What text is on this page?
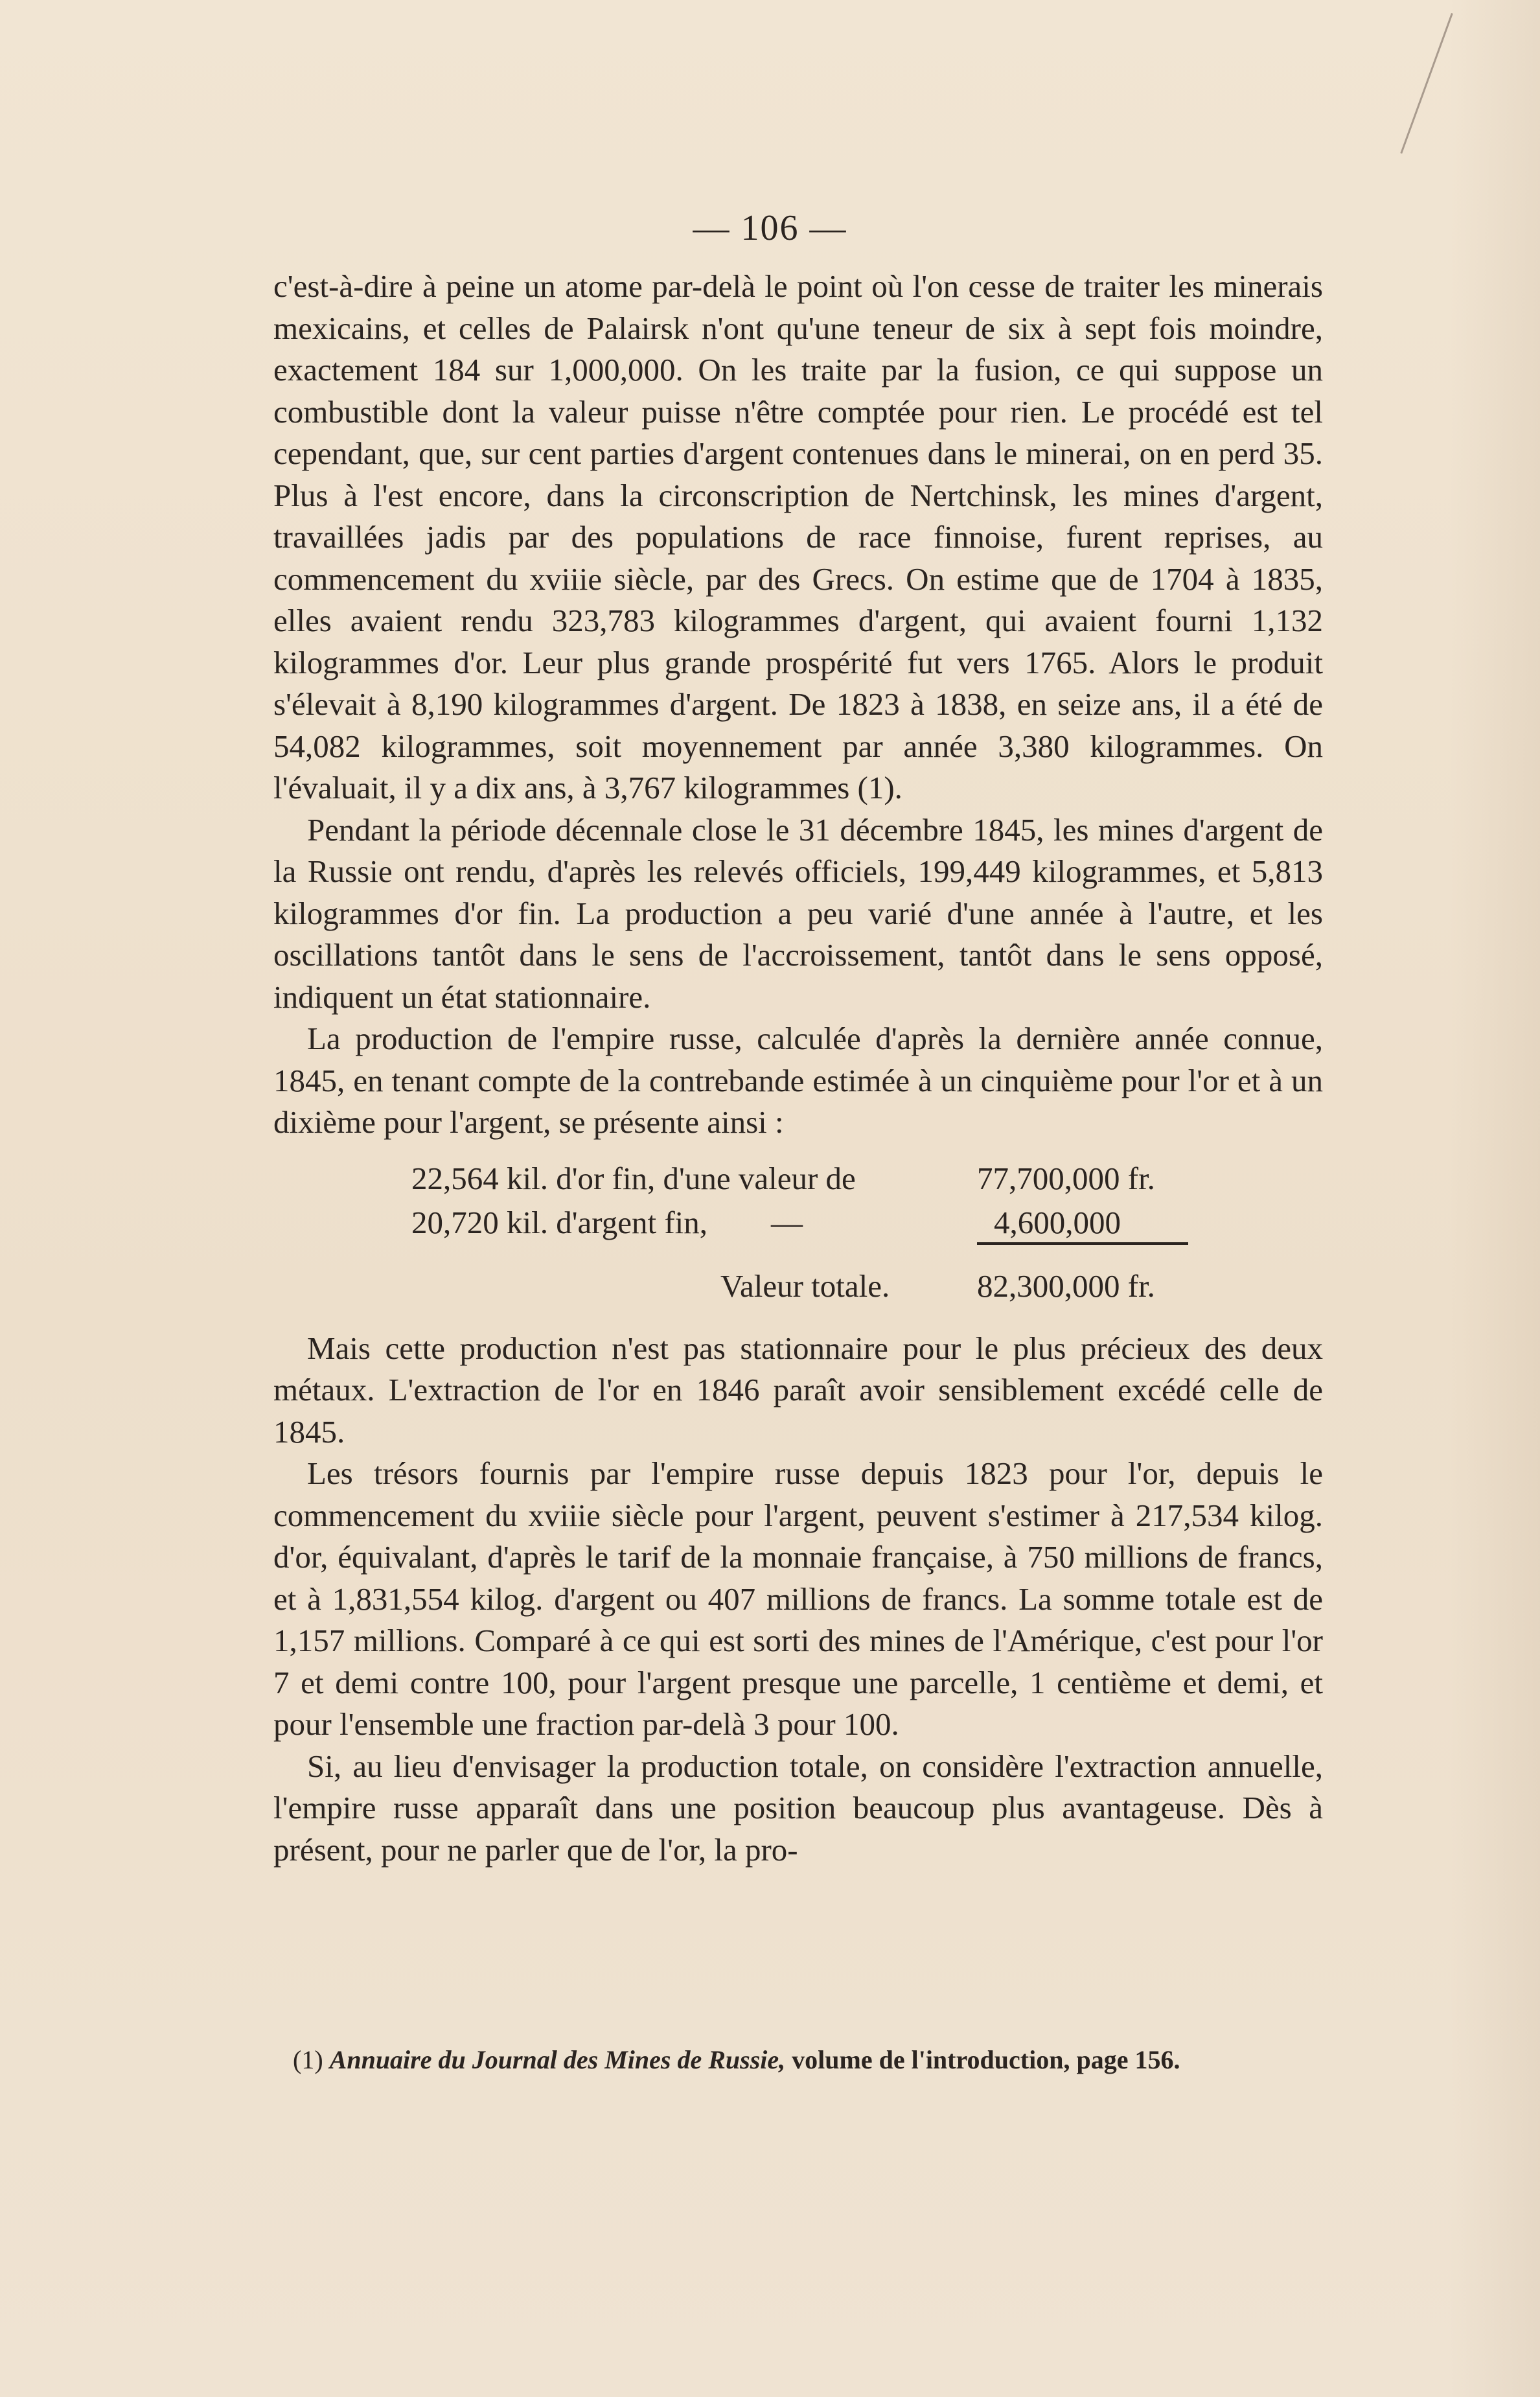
— 106 —

c'est-à-dire à peine un atome par-delà le point où l'on cesse de traiter les minerais mexicains, et celles de Palairsk n'ont qu'une teneur de six à sept fois moindre, exactement 184 sur 1,000,000. On les traite par la fusion, ce qui suppose un combustible dont la valeur puisse n'être comptée pour rien. Le procédé est tel cependant, que, sur cent parties d'argent contenues dans le minerai, on en perd 35. Plus à l'est encore, dans la circonscription de Nertchinsk, les mines d'argent, travaillées jadis par des populations de race finnoise, furent reprises, au commencement du xviiie siècle, par des Grecs. On estime que de 1704 à 1835, elles avaient rendu 323,783 kilogrammes d'argent, qui avaient fourni 1,132 kilogrammes d'or. Leur plus grande prospérité fut vers 1765. Alors le produit s'élevait à 8,190 kilogrammes d'argent. De 1823 à 1838, en seize ans, il a été de 54,082 kilogrammes, soit moyennement par année 3,380 kilogrammes. On l'évaluait, il y a dix ans, à 3,767 kilogrammes (1).

Pendant la période décennale close le 31 décembre 1845, les mines d'argent de la Russie ont rendu, d'après les relevés officiels, 199,449 kilogrammes, et 5,813 kilogrammes d'or fin. La production a peu varié d'une année à l'autre, et les oscillations tantôt dans le sens de l'accroissement, tantôt dans le sens opposé, indiquent un état stationnaire.

La production de l'empire russe, calculée d'après la dernière année connue, 1845, en tenant compte de la contrebande estimée à un cinquième pour l'or et à un dixième pour l'argent, se présente ainsi :

22,564 kil. d'or fin, d'une valeur de	77,700,000 fr.
20,720 kil. d'argent fin,  —	4,600,000
Valeur totale.	82,300,000 fr.

Mais cette production n'est pas stationnaire pour le plus précieux des deux métaux. L'extraction de l'or en 1846 paraît avoir sensiblement excédé celle de 1845.

Les trésors fournis par l'empire russe depuis 1823 pour l'or, depuis le commencement du xviiie siècle pour l'argent, peuvent s'estimer à 217,534 kilog. d'or, équivalant, d'après le tarif de la monnaie française, à 750 millions de francs, et à 1,831,554 kilog. d'argent ou 407 millions de francs. La somme totale est de 1,157 millions. Comparé à ce qui est sorti des mines de l'Amérique, c'est pour l'or 7 et demi contre 100, pour l'argent presque une parcelle, 1 centième et demi, et pour l'ensemble une fraction par-delà 3 pour 100.

Si, au lieu d'envisager la production totale, on considère l'extraction annuelle, l'empire russe apparaît dans une position beaucoup plus avantageuse. Dès à présent, pour ne parler que de l'or, la pro-

(1) Annuaire du Journal des Mines de Russie, volume de l'introduction, page 156.
